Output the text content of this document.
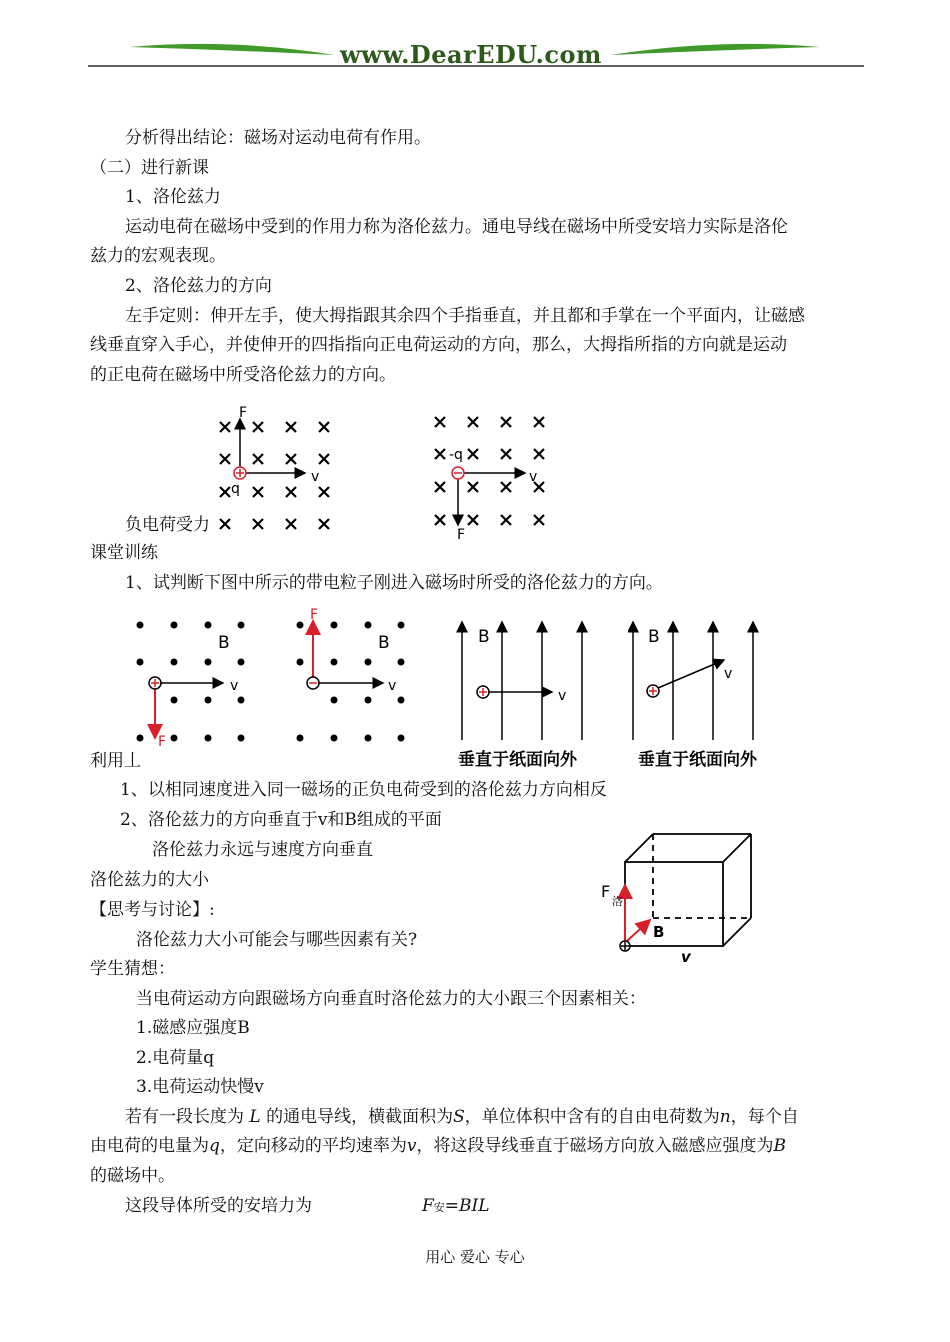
www.DearEDU.com
分析得出结论：磁场对运动电荷有作用。
（二）进行新课
1、洛伦兹力
运动电荷在磁场中受到的作用力称为洛伦兹力。通电导线在磁场中所受安培力实际是洛伦
兹力的宏观表现。
2、洛伦兹力的方向
左手定则：伸开左手，使大拇指跟其余四个手指垂直，并且都和手掌在一个平面内，让磁感
线垂直穿入手心，并使伸开的四指指向正电荷运动的方向，那么，大拇指所指的方向就是运动
的正电荷在磁场中所受洛伦兹力的方向。
F
q
v
-q
v
F
负电荷受力
课堂训练
1、试判断下图中所示的带电粒子刚进入磁场时所受的洛伦兹力的方向。
B
v
F
F
B
v
B
v
垂直于纸面向外
B
v
垂直于纸面向外
利用丄
1、以相同速度进入同一磁场的正负电荷受到的洛伦兹力方向相反
2、洛伦兹力的方向垂直于v和B组成的平面
洛伦兹力永远与速度方向垂直
洛伦兹力的大小
【思考与讨论】:
洛伦兹力大小可能会与哪些因素有关?
学生猜想：
当电荷运动方向跟磁场方向垂直时洛伦兹力的大小跟三个因素相关：
1.磁感应强度B
2.电荷量q
3.电荷运动快慢v
F
洛
B
v
若有一段长度为 L 的通电导线，横截面积为S，单位体积中含有的自由电荷数为n，每个自
由电荷的电量为q，定向移动的平均速率为v，将这段导线垂直于磁场方向放入磁感应强度为B
的磁场中。
这段导体所受的安培力为	F安=BIL
用心 爱心 专心
